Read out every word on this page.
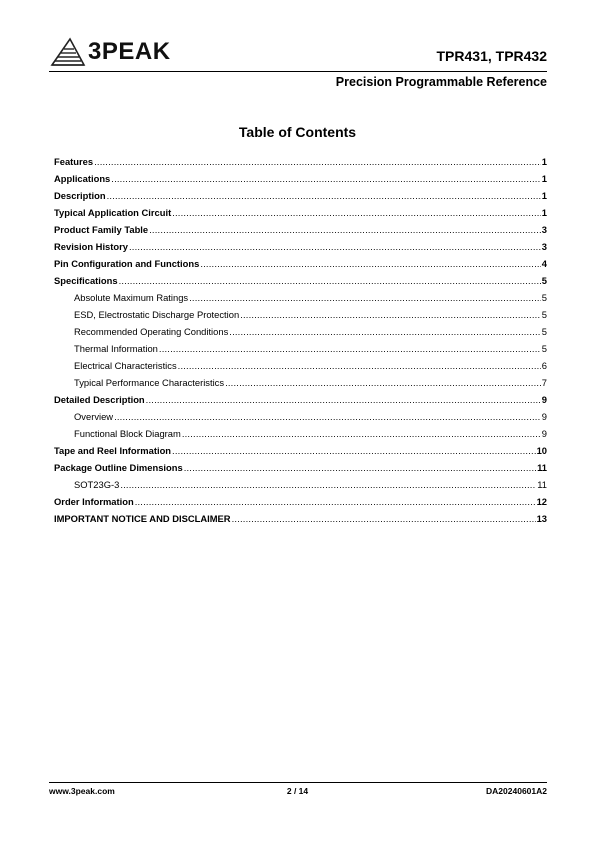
3PEAK	TPR431, TPR432
Precision Programmable Reference
Table of Contents
Features .....	1
Applications .....	1
Description .....	1
Typical Application Circuit .....	1
Product Family Table .....	3
Revision History .....	3
Pin Configuration and Functions .....	4
Specifications .....	5
Absolute Maximum Ratings .....	5
ESD, Electrostatic Discharge Protection .....	5
Recommended Operating Conditions .....	5
Thermal Information .....	5
Electrical Characteristics .....	6
Typical Performance Characteristics .....	7
Detailed Description .....	9
Overview .....	9
Functional Block Diagram .....	9
Tape and Reel Information .....	10
Package Outline Dimensions .....	11
SOT23G-3 .....	11
Order Information .....	12
IMPORTANT NOTICE AND DISCLAIMER .....	13
www.3peak.com	2 / 14	DA20240601A2
